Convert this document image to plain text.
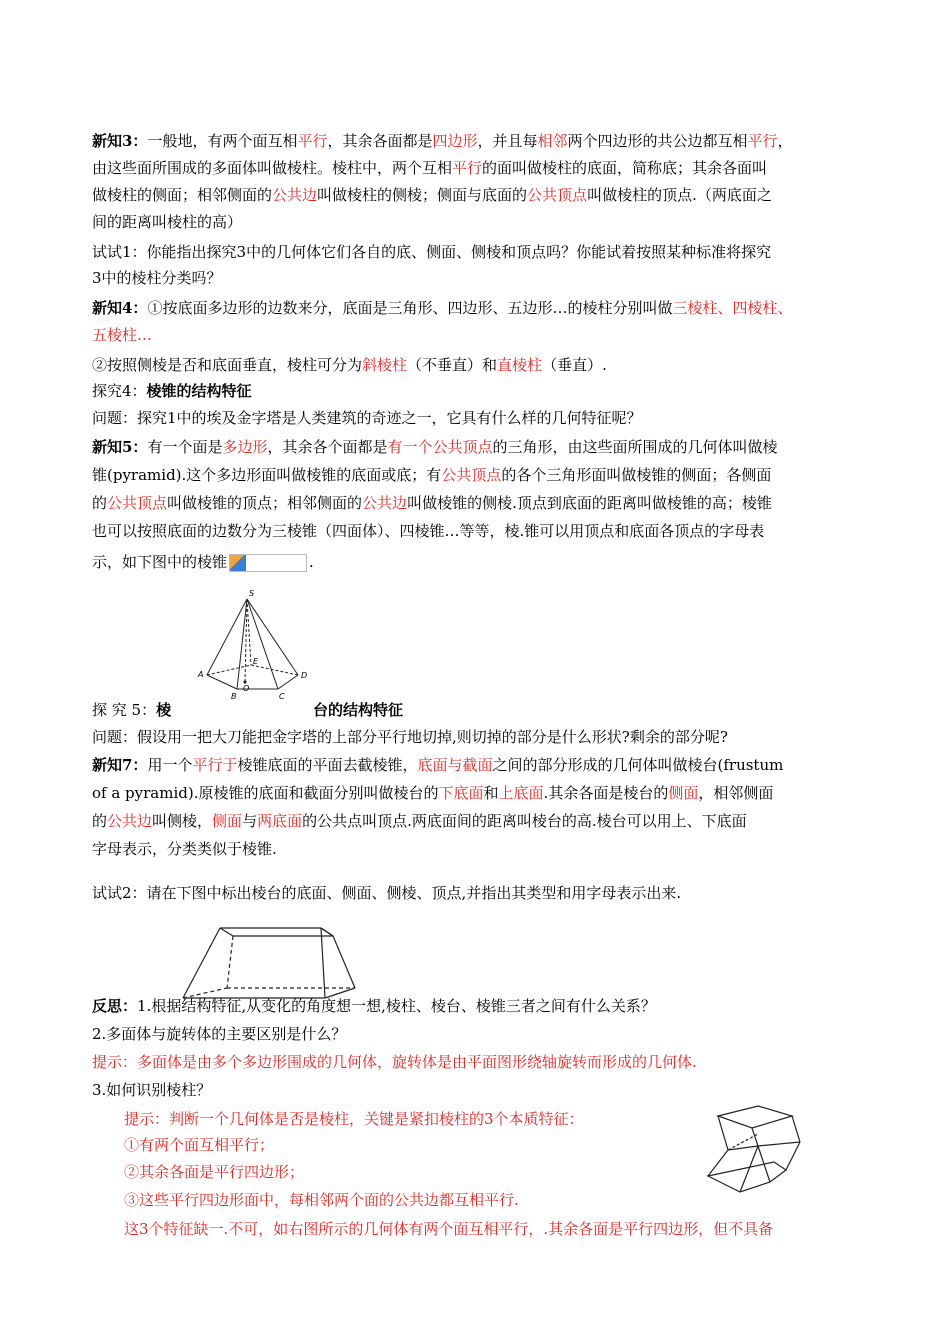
新知3：一般地，有两个面互相平行，其余各面都是四边形，并且每相邻两个四边形的共公边都互相平行，
由这些面所围成的多面体叫做棱柱。棱柱中，两个互相平行的面叫做棱柱的底面，简称底；其余各面叫
做棱柱的侧面；相邻侧面的公共边叫做棱柱的侧棱；侧面与底面的公共顶点叫做棱柱的顶点.（两底面之
间的距离叫棱柱的高）
试试1：你能指出探究3中的几何体它们各自的底、侧面、侧棱和顶点吗？你能试着按照某种标准将探究
3中的棱柱分类吗？
新知4：①按底面多边形的边数来分，底面是三角形、四边形、五边形…的棱柱分别叫做三棱柱、四棱柱、
五棱柱…
②按照侧棱是否和底面垂直，棱柱可分为斜棱柱（不垂直）和直棱柱（垂直）.
探究4：棱锥的结构特征
问题：探究1中的埃及金字塔是人类建筑的奇迹之一，它具有什么样的几何特征呢？
新知5：有一个面是多边形，其余各个面都是有一个公共顶点的三角形，由这些面所围成的几何体叫做棱
锥(pyramid).这个多边形面叫做棱锥的底面或底；有公共顶点的各个三角形面叫做棱锥的侧面；各侧面
的公共顶点叫做棱锥的顶点；相邻侧面的公共边叫做棱锥的侧棱.顶点到底面的距离叫做棱锥的高；棱锥
也可以按照底面的边数分为三棱锥（四面体）、四棱锥…等等，棱.锥可以用顶点和底面各顶点的字母表
示，如下图中的棱锥	.
S
A
B	C
D
E
O
探 究 5：棱	台的结构特征
问题：假设用一把大刀能把金字塔的上部分平行地切掉,则切掉的部分是什么形状?剩余的部分呢?
新知7：用一个平行于棱锥底面的平面去截棱锥，底面与截面之间的部分形成的几何体叫做棱台(frustum
of a pyramid).原棱锥的底面和截面分别叫做棱台的下底面和上底面.其余各面是棱台的侧面，相邻侧面
的公共边叫侧棱，侧面与两底面的公共点叫顶点.两底面间的距离叫棱台的高.棱台可以用上、下底面
字母表示，分类类似于棱锥.
试试2：请在下图中标出棱台的底面、侧面、侧棱、顶点,并指出其类型和用字母表示出来.
反思：1.根据结构特征,从变化的角度想一想,棱柱、棱台、棱锥三者之间有什么关系？
2.多面体与旋转体的主要区别是什么？
提示：多面体是由多个多边形围成的几何体，旋转体是由平面图形绕轴旋转而形成的几何体.
3.如何识别棱柱？
提示：判断一个几何体是否是棱柱，关键是紧扣棱柱的3个本质特征：
①有两个面互相平行；
②其余各面是平行四边形；
③这些平行四边形面中，每相邻两个面的公共边都互相平行.
这3个特征缺一.不可，如右图所示的几何体有两个面互相平行，.其余各面是平行四边形，但不具备
